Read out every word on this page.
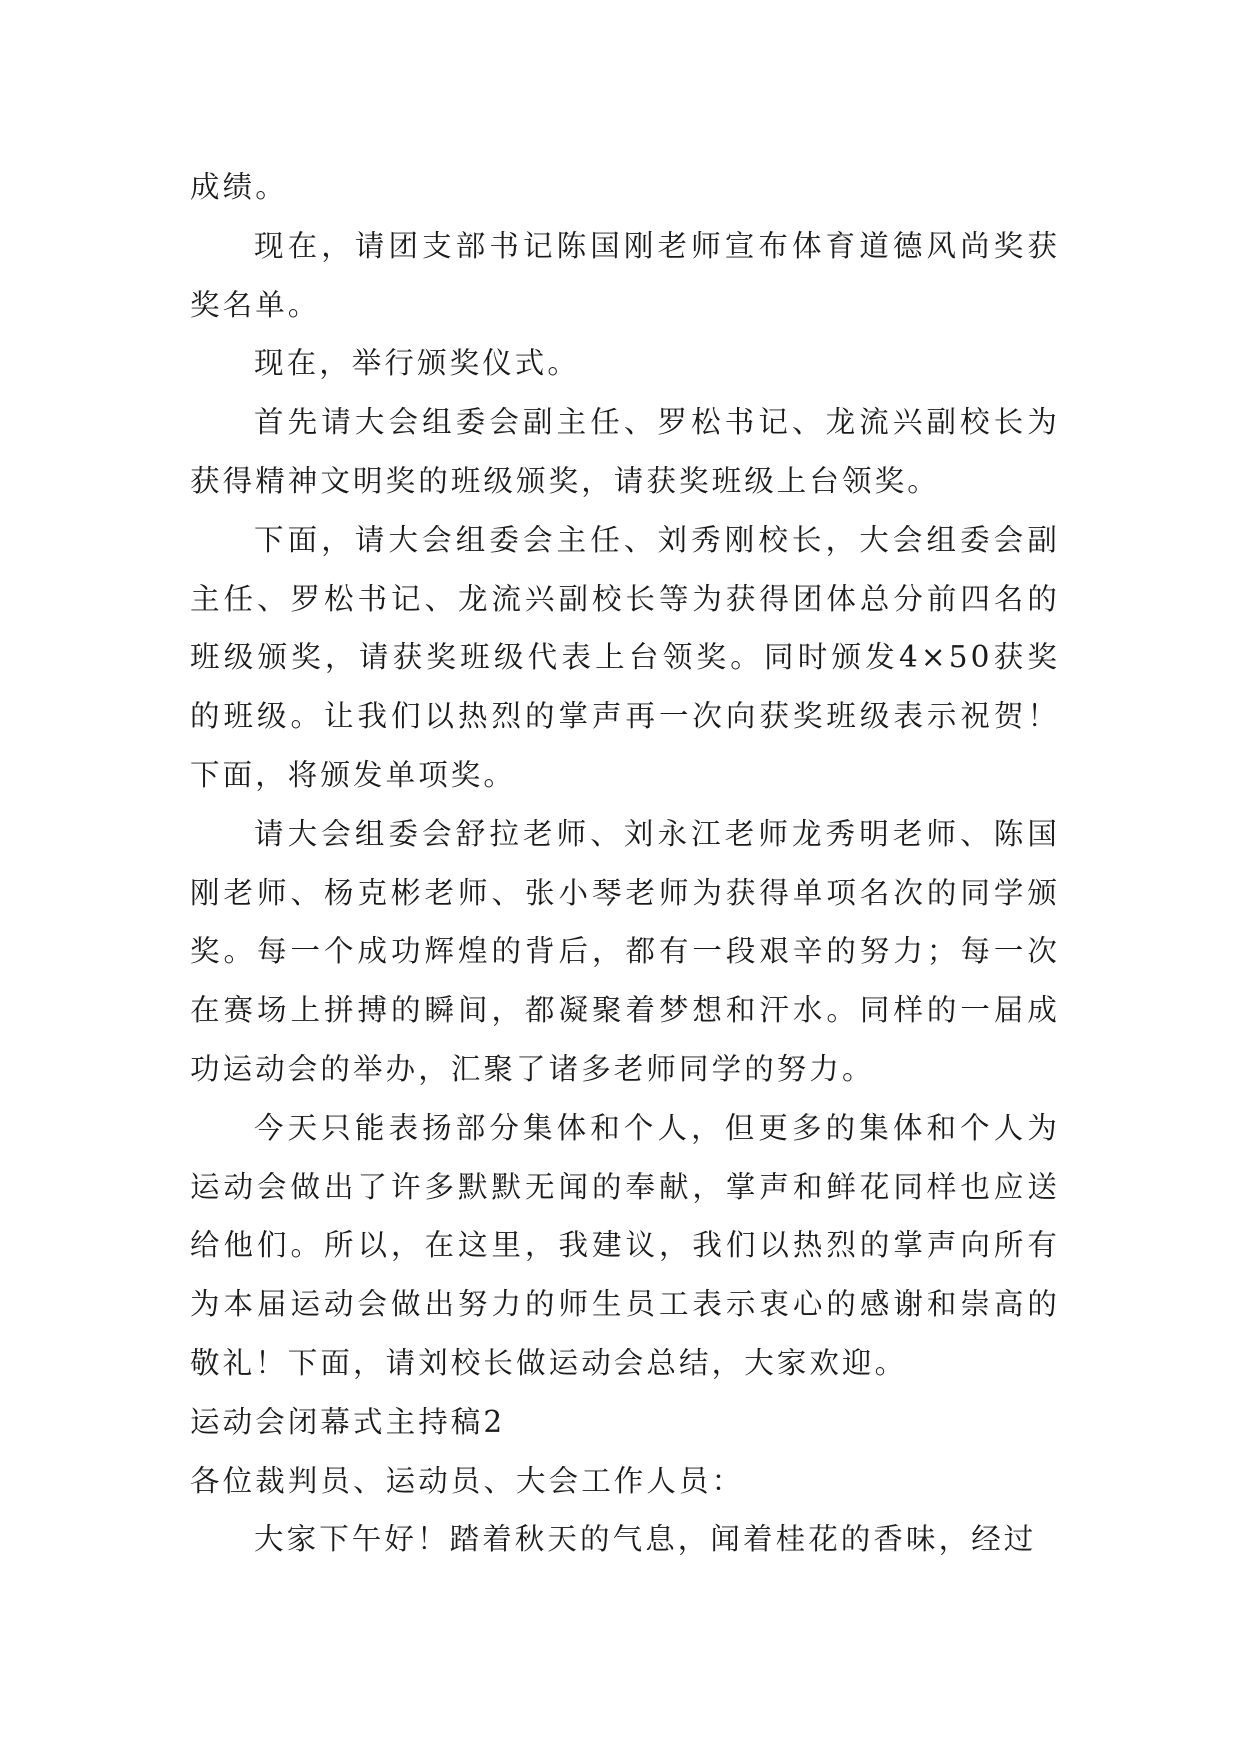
成绩。

现在，请团支部书记陈国刚老师宣布体育道德风尚奖获奖名单。

现在，举行颁奖仪式。

首先请大会组委会副主任、罗松书记、龙流兴副校长为获得精神文明奖的班级颁奖，请获奖班级上台领奖。

下面，请大会组委会主任、刘秀刚校长，大会组委会副主任、罗松书记、龙流兴副校长等为获得团体总分前四名的班级颁奖，请获奖班级代表上台领奖。同时颁发4×50获奖的班级。让我们以热烈的掌声再一次向获奖班级表示祝贺！下面，将颁发单项奖。

请大会组委会舒拉老师、刘永江老师龙秀明老师、陈国刚老师、杨克彬老师、张小琴老师为获得单项名次的同学颁奖。每一个成功辉煌的背后，都有一段艰辛的努力；每一次在赛场上拼搏的瞬间，都凝聚着梦想和汗水。同样的一届成功运动会的举办，汇聚了诸多老师同学的努力。

今天只能表扬部分集体和个人，但更多的集体和个人为运动会做出了许多默默无闻的奉献，掌声和鲜花同样也应送给他们。所以，在这里，我建议，我们以热烈的掌声向所有为本届运动会做出努力的师生员工表示衷心的感谢和崇高的敬礼！下面，请刘校长做运动会总结，大家欢迎。

运动会闭幕式主持稿2

各位裁判员、运动员、大会工作人员：

大家下午好！踏着秋天的气息，闻着桂花的香味，经过
